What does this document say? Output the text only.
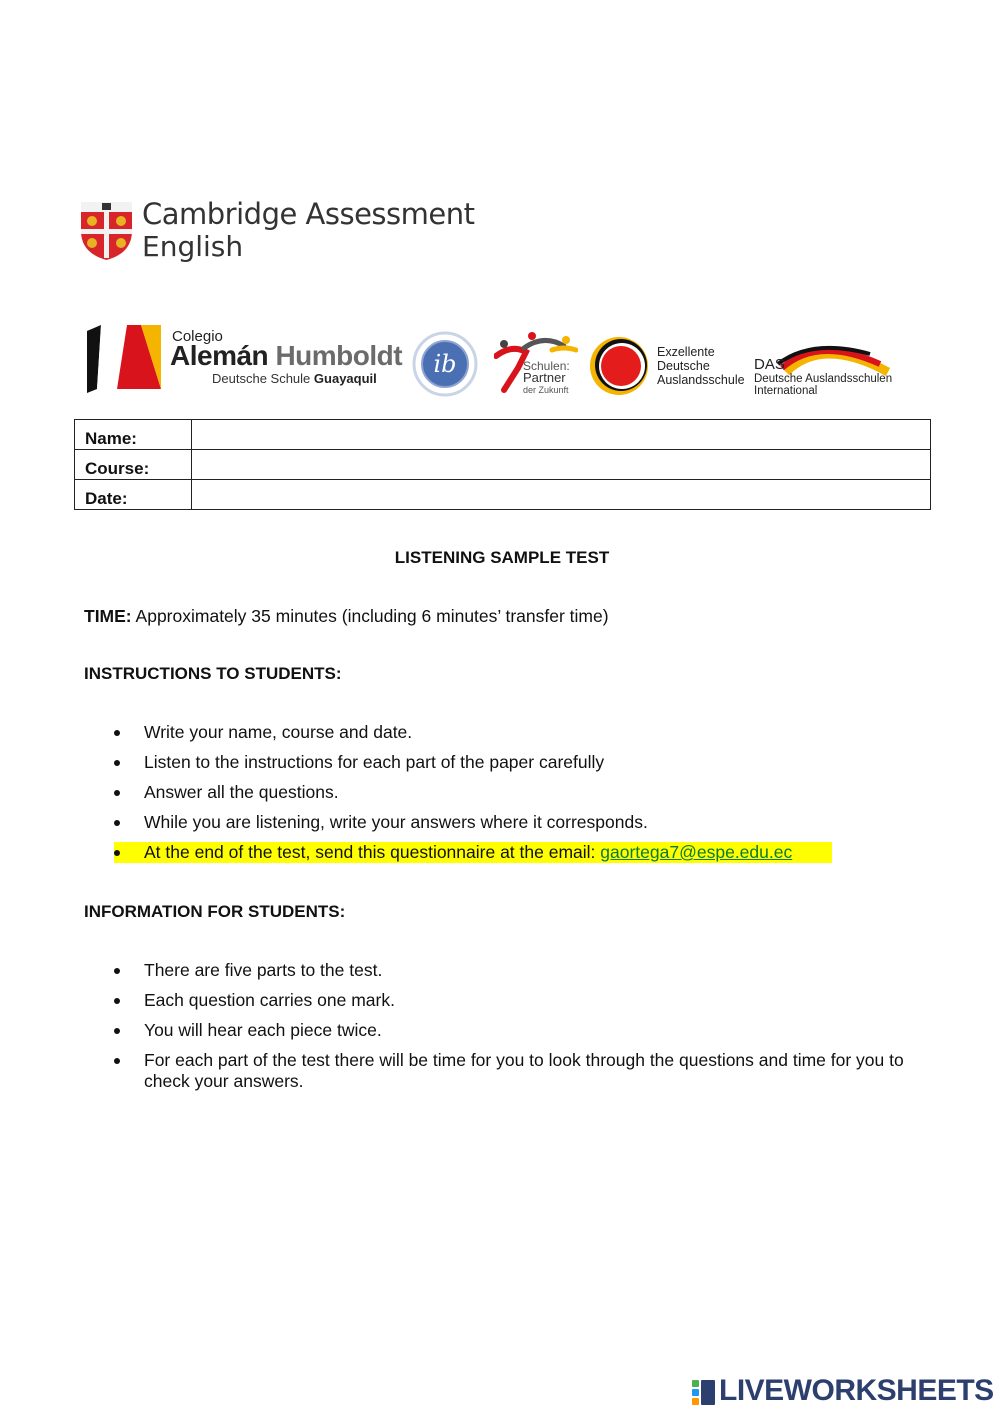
Cambridge Assessment
English
Colegio
Alemán Humboldt
Deutsche Schule Guayaquil
ib	Schulen:
Partner
der Zukunft
Exzellente
Deutsche
Auslandsschule
DAS
Deutsche Auslandsschulen
International
Name:	
Course:	
Date:	
LISTENING SAMPLE TEST
TIME: Approximately 35 minutes (including 6 minutes’ transfer time)
INSTRUCTIONS TO STUDENTS:
Write your name, course and date.
Listen to the instructions for each part of the paper carefully
Answer all the questions.
While you are listening, write your answers where it corresponds.
At the end of the test, send this questionnaire at the email: gaortega7@espe.edu.ec
INFORMATION FOR STUDENTS:
There are five parts to the test.
Each question carries one mark.
You will hear each piece twice.
For each part of the test there will be time for you to look through the questions and time for you to check your answers.
LIVEWORKSHEETS
